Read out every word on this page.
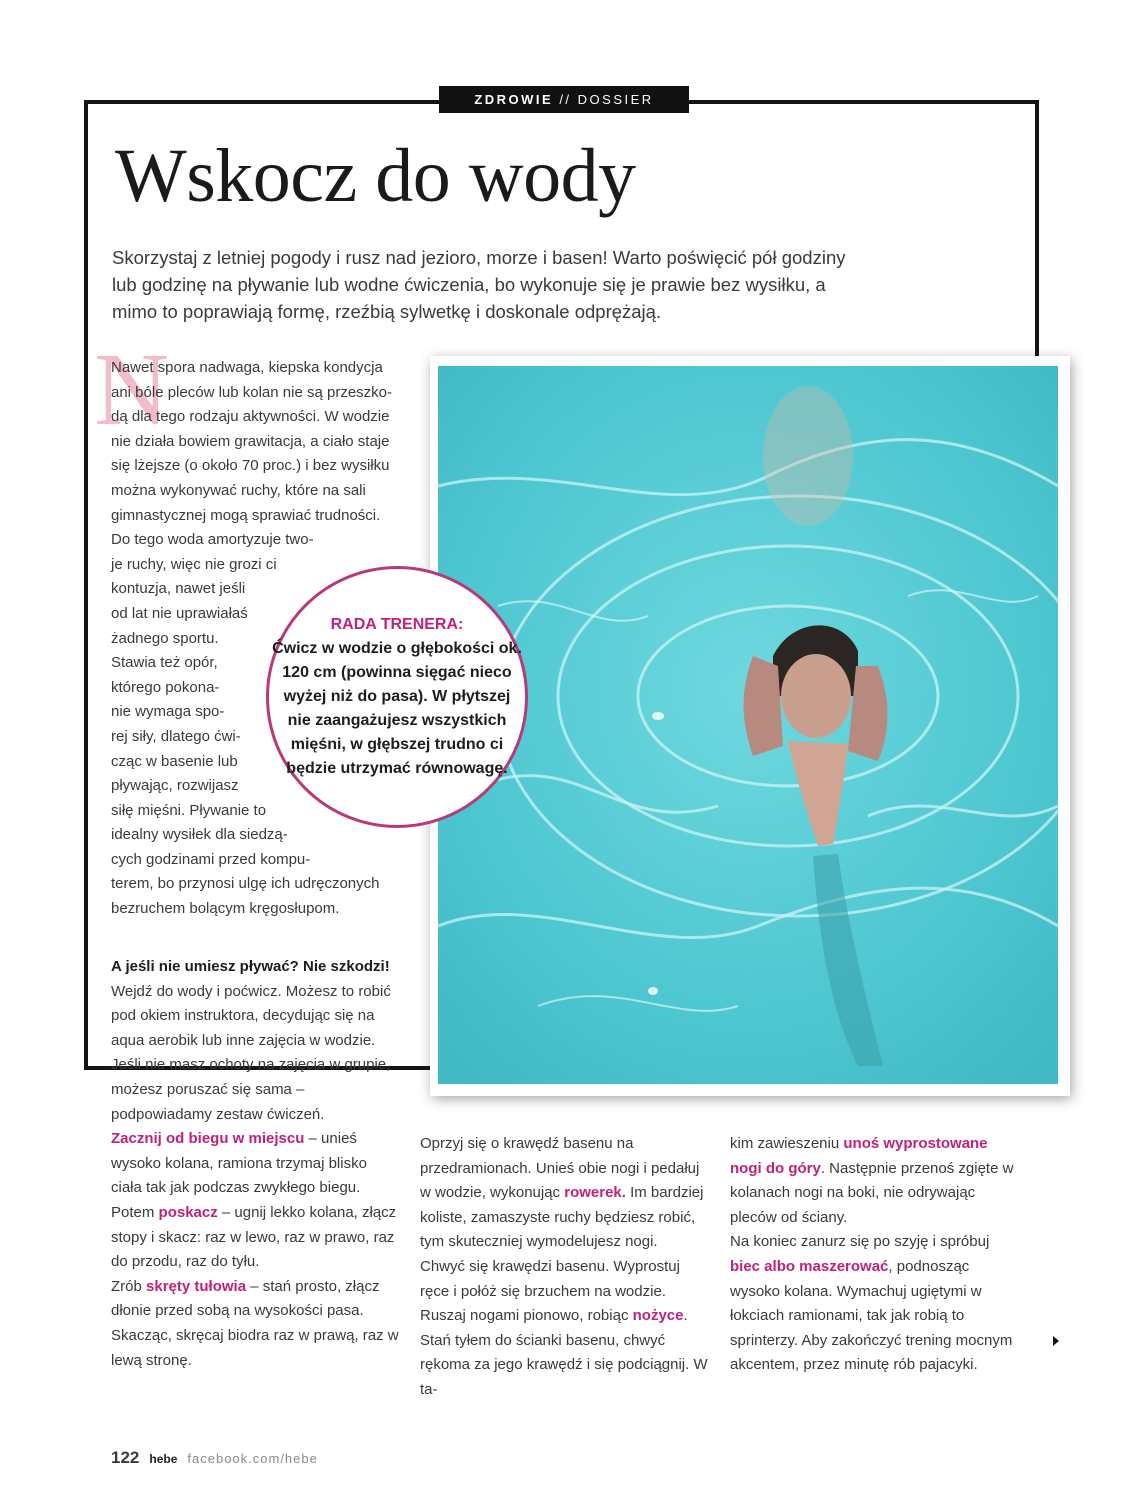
ZDROWIE // DOSSIER
Wskocz do wody

Skorzystaj z letniej pogody i rusz nad jezioro, morze i basen! Warto poświęcić pół godziny lub godzinę na pływanie lub wodne ćwiczenia, bo wykonuje się je prawie bez wysiłku, a mimo to poprawiają formę, rzeźbią sylwetkę i doskonale odprężają.

N

Nawet spora nadwaga, kiepska kondycja

ani bóle pleców lub kolan nie są przeszko-

dą dla tego rodzaju aktywności. W wodzie

nie działa bowiem grawitacja, a ciało staje

się lżejsze (o około 70 proc.) i bez wysiłku

można wykonywać ruchy, które na sali

gimnastycznej mogą sprawiać trudności.

Do tego woda amortyzuje two-

je ruchy, więc nie grozi ci

kontuzja, nawet jeśli

od lat nie uprawiałaś

żadnego sportu.

Stawia też opór,

którego pokona-

nie wymaga spo-

rej siły, dlatego ćwi-

cząc w basenie lub

pływając, rozwijasz

siłę mięśni. Pływanie to

idealny wysiłek dla siedzą-

cych godzinami przed kompu-

terem, bo przynosi ulgę ich udręczonych

bezruchem bolącym kręgosłupom.

A jeśli nie umiesz pływać? Nie szkodzi! Wejdź do wody i poćwicz. Możesz to robić pod okiem instruktora, decydując się na aqua aerobik lub inne zajęcia w wodzie. Jeśli nie masz ochoty na zajęcia w grupie, możesz poruszać się sama – podpowiadamy zestaw ćwiczeń.

Zacznij od biegu w miejscu – unieś wysoko kolana, ramiona trzymaj blisko ciała tak jak podczas zwykłego biegu.

Potem poskacz – ugnij lekko kolana, złącz stopy i skacz: raz w lewo, raz w prawo, raz do przodu, raz do tyłu.

Zrób skręty tułowia – stań prosto, złącz dłonie przed sobą na wysokości pasa. Skacząc, skręcaj biodra raz w prawą, raz w lewą stronę.

RADA TRENERA:
Ćwicz w wodzie o głębokości ok. 120 cm (powinna sięgać nieco wyżej niż do pasa). W płytszej nie zaangażujesz wszystkich mięśni, w głębszej trudno ci będzie utrzymać równowagę.

Oprzyj się o krawędź basenu na przedramionach. Unieś obie nogi i pedałuj w wodzie, wykonując rowerek. Im bardziej koliste, zamaszyste ruchy będziesz robić, tym skuteczniej wymodelujesz nogi.

Chwyć się krawędzi basenu. Wyprostuj ręce i połóż się brzuchem na wodzie. Ruszaj nogami pionowo, robiąc nożyce.

Stań tyłem do ścianki basenu, chwyć rękoma za jego krawędź i się podciągnij. W ta-

kim zawieszeniu unoś wyprostowane nogi do góry. Następnie przenoś zgięte w kolanach nogi na boki, nie odrywając pleców od ściany.

Na koniec zanurz się po szyję i spróbuj biec albo maszerować, podnosząc wysoko kolana. Wymachuj ugiętymi w łokciach ramionami, tak jak robią to sprinterzy. Aby zakończyć trening mocnym akcentem, przez minutę rób pajacyki.

122 hebe facebook.com/hebe
